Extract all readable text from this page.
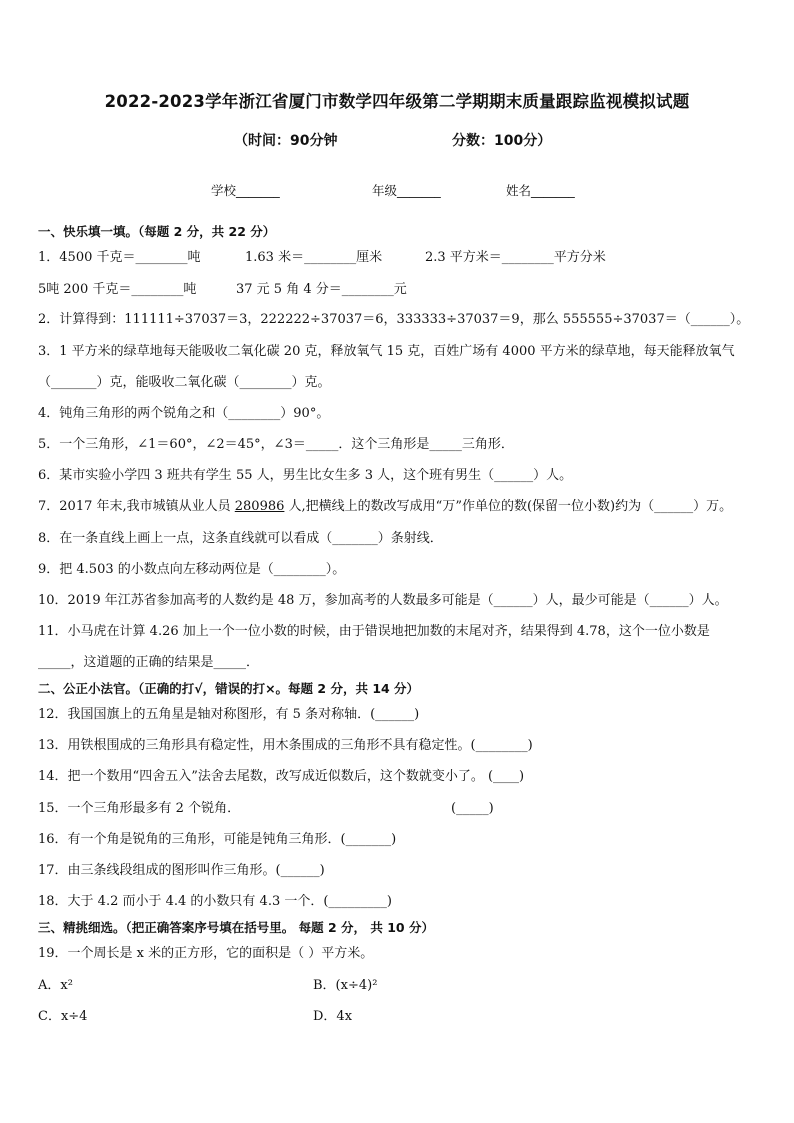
2022-2023学年浙江省厦门市数学四年级第二学期期末质量跟踪监视模拟试题
（时间：90分钟	分数：100分）
学校_______	年级_______	姓名_______
一、快乐填一填。（每题 2 分，共 22 分）
1．4500 千克＝________吨	1.63 米＝________厘米	2.3 平方米＝________平方分米
5吨 200 千克＝________吨	37 元 5 角 4 分＝________元
2．计算得到：111111÷37037＝3，222222÷37037＝6，333333÷37037＝9，那么 555555÷37037＝（______）。
3．1 平方米的绿草地每天能吸收二氧化碳 20 克，释放氧气 15 克，百姓广场有 4000 平方米的绿草地，每天能释放氧气
（_______）克，能吸收二氧化碳（________）克。
4．钝角三角形的两个锐角之和（________）90°。
5．一个三角形，∠1＝60°，∠2＝45°，∠3＝_____．这个三角形是_____三角形．
6．某市实验小学四 3 班共有学生 55 人，男生比女生多 3 人，这个班有男生（______）人。
7．2017 年末,我市城镇从业人员 280986 人,把横线上的数改写成用“万”作单位的数(保留一位小数)约为（______）万。
8．在一条直线上画上一点，这条直线就可以看成（_______）条射线．
9．把 4.503 的小数点向左移动两位是（________）。
10．2019 年江苏省参加高考的人数约是 48 万，参加高考的人数最多可能是（______）人，最少可能是（______）人。
11．小马虎在计算 4.26 加上一个一位小数的时候，由于错误地把加数的末尾对齐，结果得到 4.78，这个一位小数是
_____，这道题的正确的结果是_____．
二、公正小法官。（正确的打√，错误的打×。每题 2 分，共 14 分）
12．我国国旗上的五角星是轴对称图形，有 5 条对称轴．(______)
13．用铁根围成的三角形具有稳定性，用木条围成的三角形不具有稳定性。(________)
14．把一个数用“四舍五入”法舍去尾数，改写成近似数后，这个数就变小了。 (____)
15．一个三角形最多有 2 个锐角．	(_____)
16．有一个角是锐角的三角形，可能是钝角三角形．(_______)
17．由三条线段组成的图形叫作三角形。(______)
18．大于 4.2 而小于 4.4 的小数只有 4.3 一个．(_________)
三、精挑细选。（把正确答案序号填在括号里。 每题 2 分， 共 10 分）
19．一个周长是 x 米的正方形，它的面积是（ ）平方米。
A．x²	B．(x÷4)²
C．x÷4	D．4x
